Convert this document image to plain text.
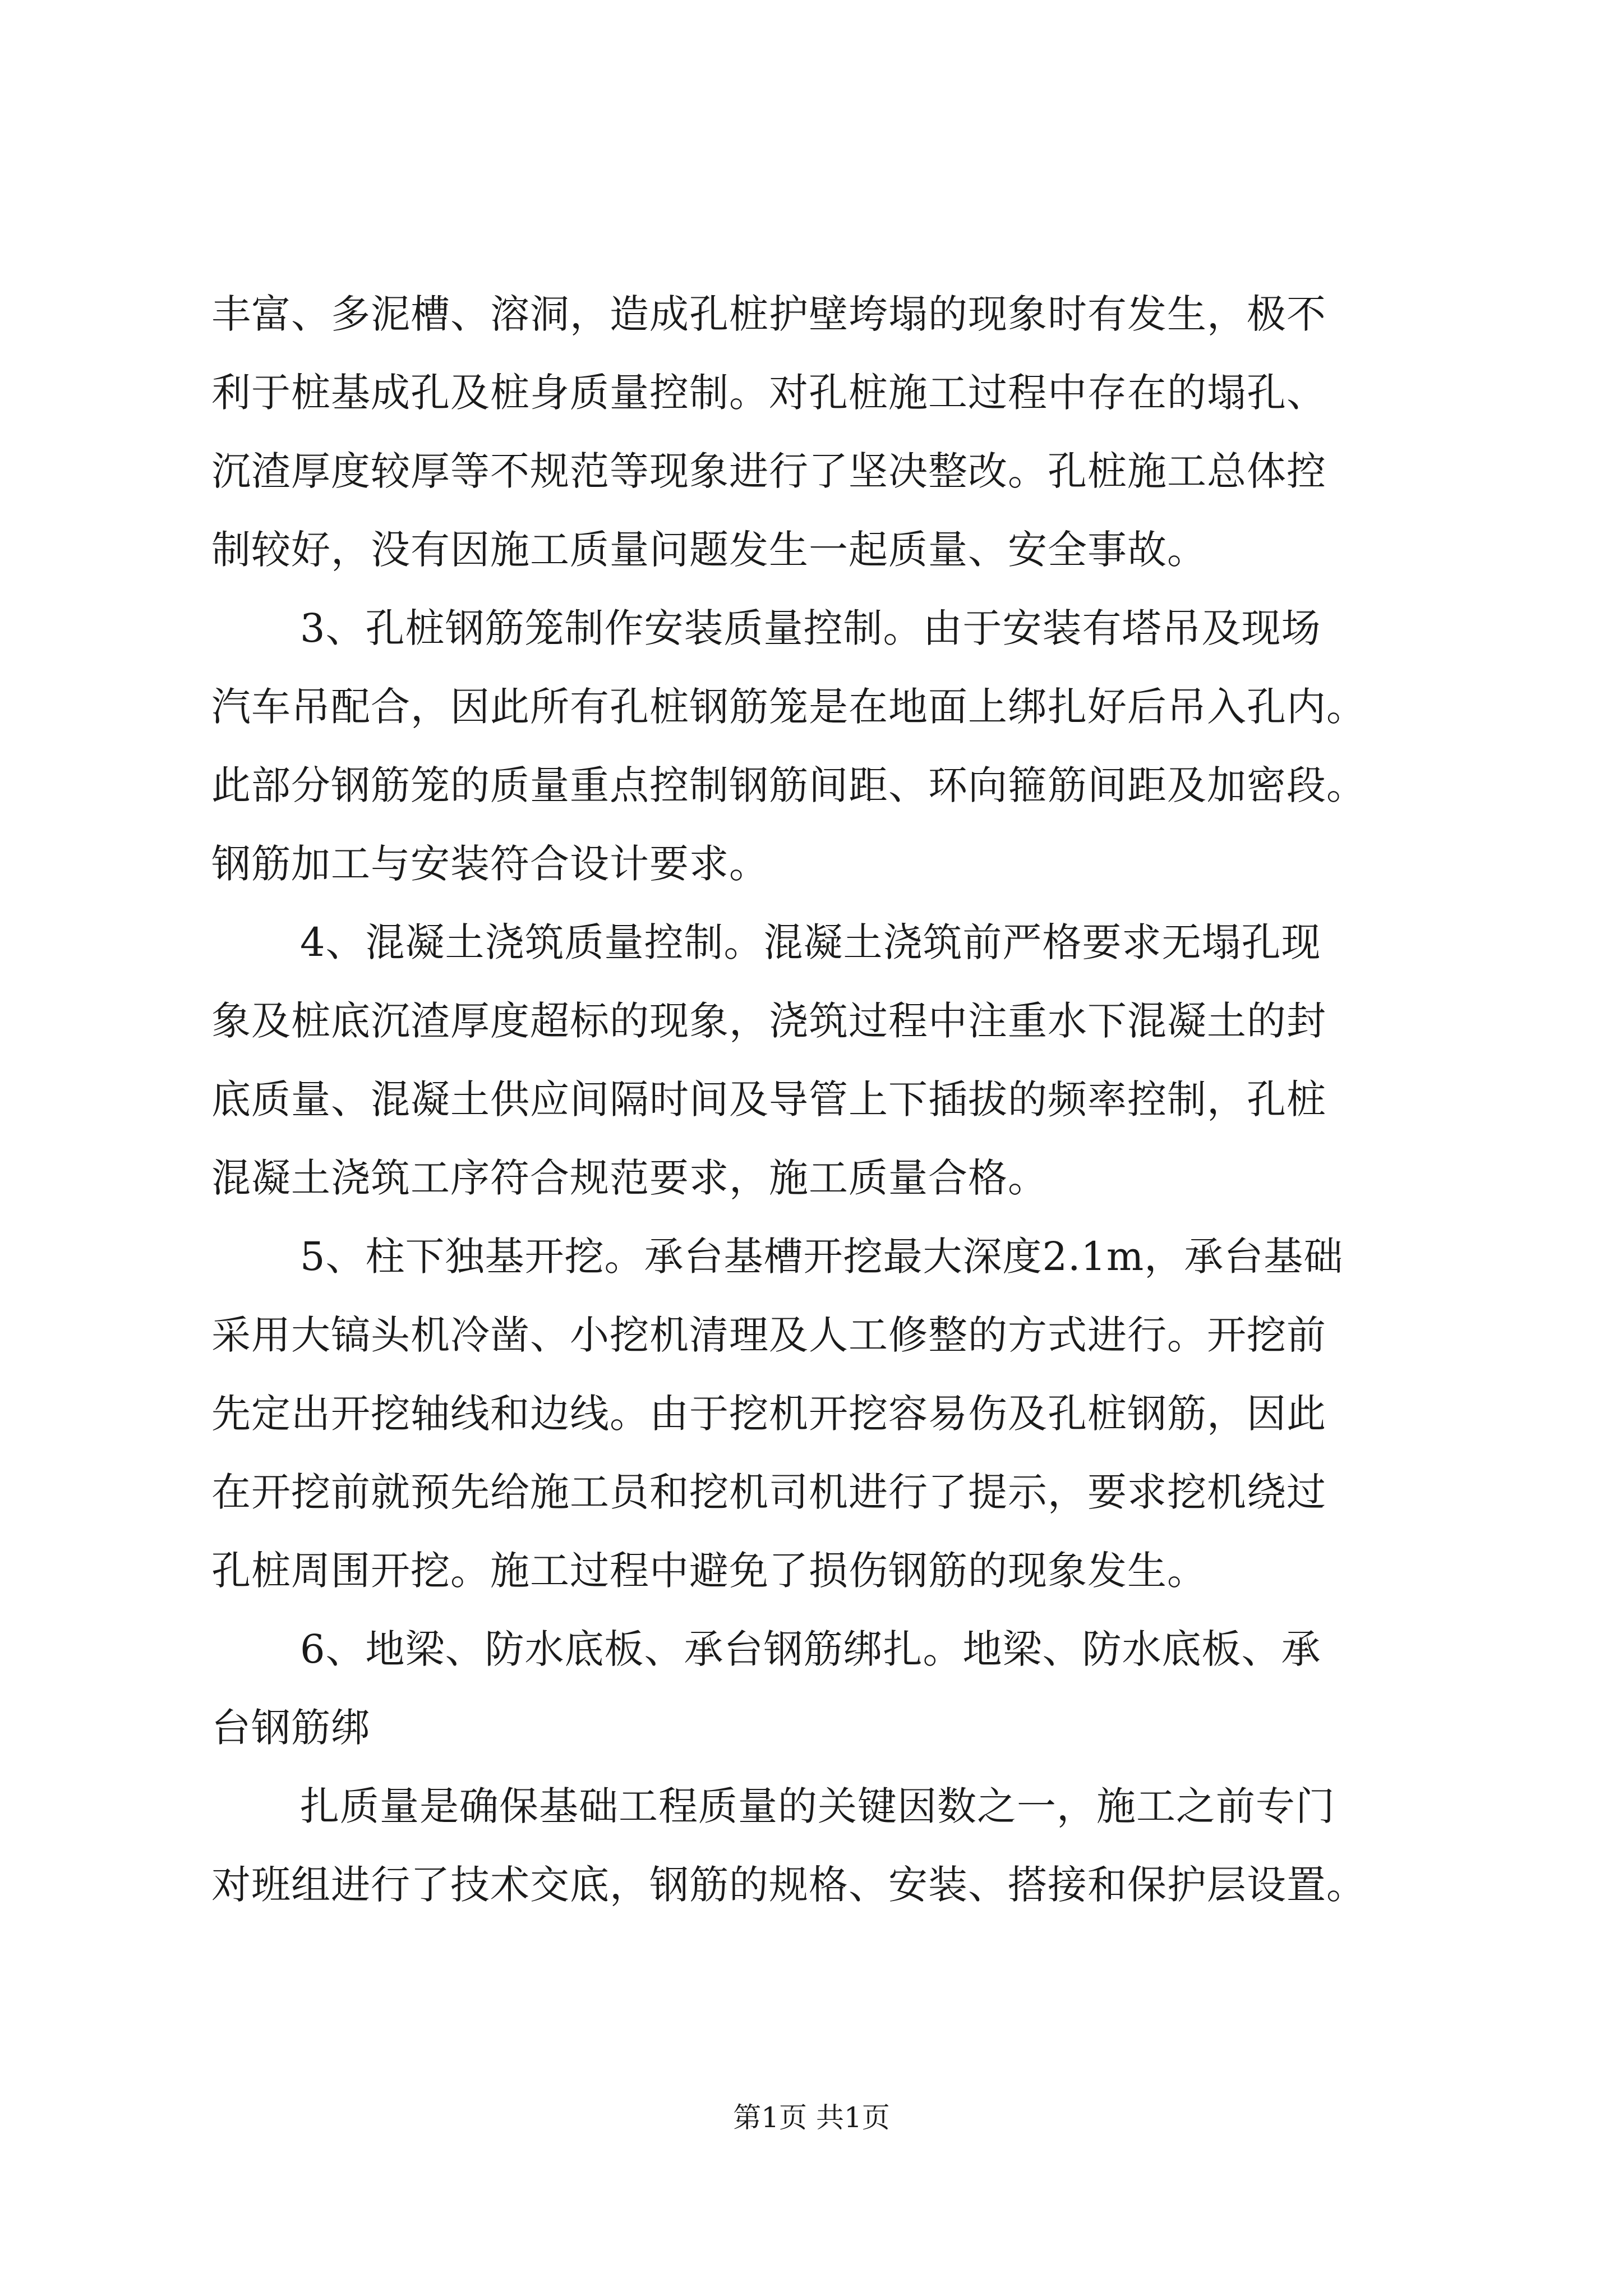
丰富、多泥槽、溶洞，造成孔桩护壁垮塌的现象时有发生，极不
利于桩基成孔及桩身质量控制。对孔桩施工过程中存在的塌孔、
沉渣厚度较厚等不规范等现象进行了坚决整改。孔桩施工总体控
制较好，没有因施工质量问题发生一起质量、安全事故。
3、孔桩钢筋笼制作安装质量控制。由于安装有塔吊及现场
汽车吊配合，因此所有孔桩钢筋笼是在地面上绑扎好后吊入孔内。
此部分钢筋笼的质量重点控制钢筋间距、环向箍筋间距及加密段。
钢筋加工与安装符合设计要求。
4、混凝土浇筑质量控制。混凝土浇筑前严格要求无塌孔现
象及桩底沉渣厚度超标的现象，浇筑过程中注重水下混凝土的封
底质量、混凝土供应间隔时间及导管上下插拔的频率控制，孔桩
混凝土浇筑工序符合规范要求，施工质量合格。
5、柱下独基开挖。承台基槽开挖最大深度2.1m，承台基础
采用大镐头机冷凿、小挖机清理及人工修整的方式进行。开挖前
先定出开挖轴线和边线。由于挖机开挖容易伤及孔桩钢筋，因此
在开挖前就预先给施工员和挖机司机进行了提示，要求挖机绕过
孔桩周围开挖。施工过程中避免了损伤钢筋的现象发生。
6、地梁、防水底板、承台钢筋绑扎。地梁、防水底板、承
台钢筋绑
扎质量是确保基础工程质量的关键因数之一，施工之前专门
对班组进行了技术交底，钢筋的规格、安装、搭接和保护层设置。
第1页 共1页
